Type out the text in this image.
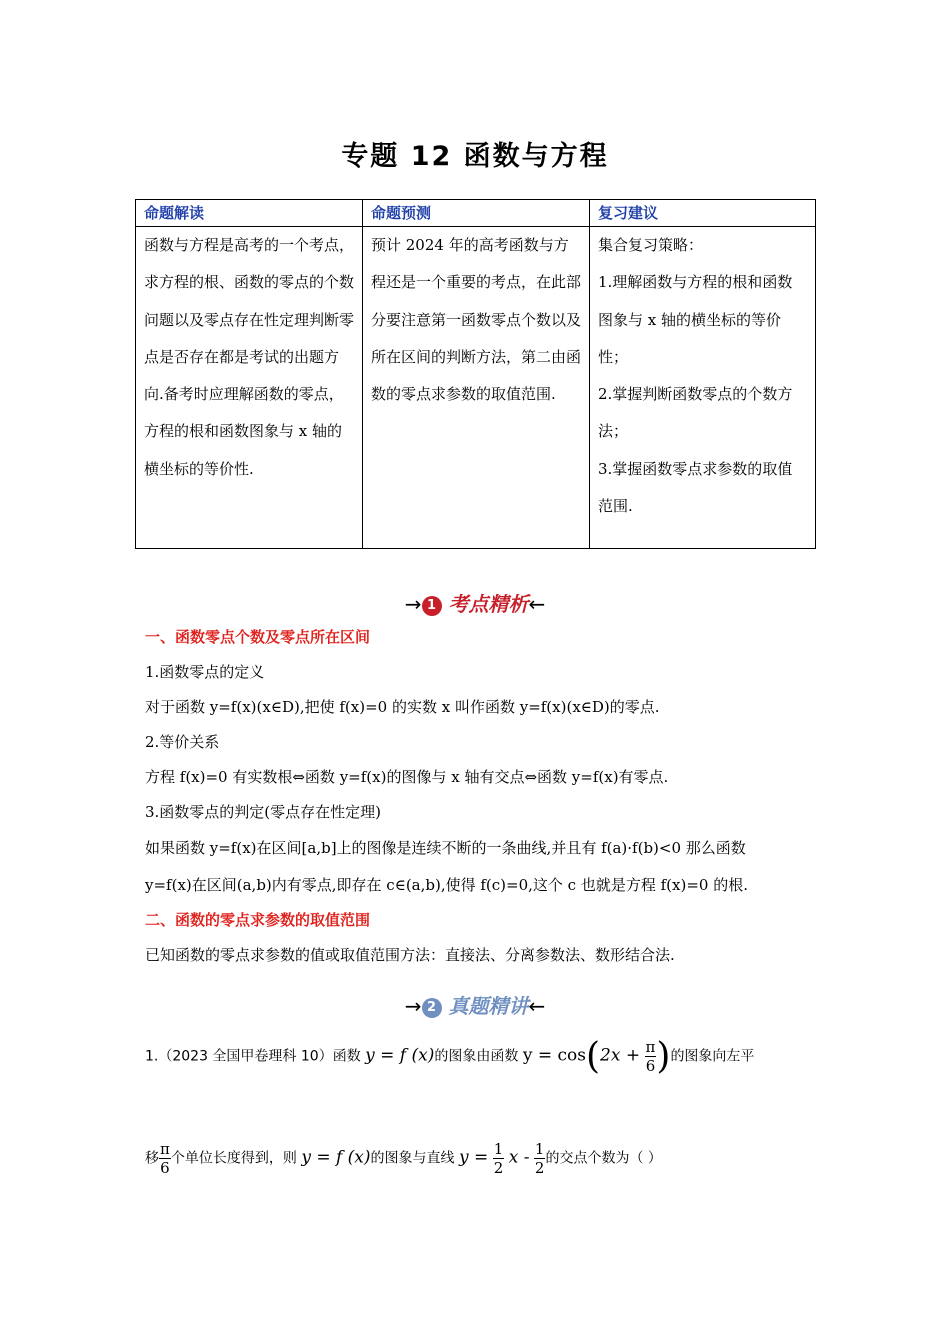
专题 12 函数与方程
命题解读	命题预测	复习建议
函数与方程是高考的一个考点，求方程的根、函数的零点的个数问题以及零点存在性定理判断零点是否存在都是考试的出题方向.备考时应理解函数的零点，方程的根和函数图象与 x 轴的横坐标的等价性.	预计 2024 年的高考函数与方程还是一个重要的考点，在此部分要注意第一函数零点个数以及所在区间的判断方法，第二由函数的零点求参数的取值范围.	集合复习策略：

1.理解函数与方程的根和函数图象与 x 轴的横坐标的等价性；

2.掌握判断函数零点的个数方法；

3.掌握函数零点求参数的取值范围.

→ 1 考点精析←
一、函数零点个数及零点所在区间
1.函数零点的定义
对于函数 y=f(x)(x∈D),把使 f(x)=0 的实数 x 叫作函数 y=f(x)(x∈D)的零点.
2.等价关系
方程 f(x)=0 有实数根⇔函数 y=f(x)的图像与 x 轴有交点⇔函数 y=f(x)有零点.
3.函数零点的判定(零点存在性定理)
如果函数 y=f(x)在区间[a,b]上的图像是连续不断的一条曲线,并且有 f(a)·f(b)<0 那么函数
y=f(x)在区间(a,b)内有零点,即存在 c∈(a,b),使得 f(c)=0,这个 c 也就是方程 f(x)=0 的根.
二、函数的零点求参数的取值范围
已知函数的零点求参数的值或取值范围方法：直接法、分离参数法、数形结合法.
→ 2 真题精讲←
1.（2023 全国甲卷理科 10）函数 y = f (x)的图象由函数 $y = \cos(2x + \frac{\pi}{6}$ )的图象向左平
移 $\frac{\pi}{6}$ 个单位长度得到，则 y = f (x)的图象与直线 $y = \frac{1}{2}$ x - $\frac{1}{2}$ 的交点个数为（ ）
